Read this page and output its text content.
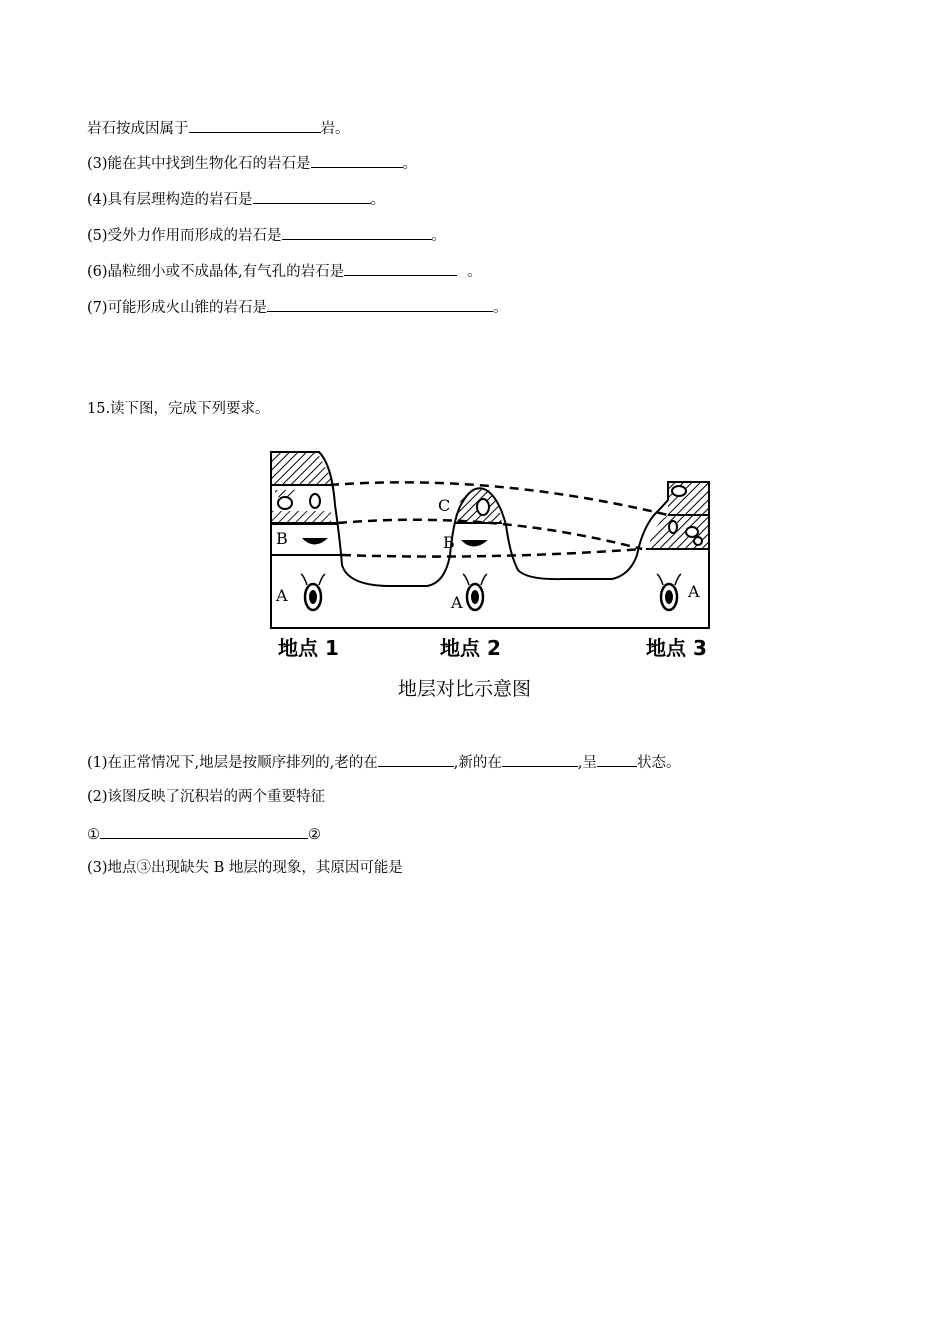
岩石按成因属于	岩。
(3)能在其中找到生物化石的岩石是	。
(4)具有层理构造的岩石是	。
(5)受外力作用而形成的岩石是	。
(6)晶粒细小或不成晶体,有气孔的岩石是	。
(7)可能形成火山锥的岩石是	。
15.读下图，完成下列要求。
B
A
C
B
A
A
地点 1	地点 2	地点 3
地层对比示意图
(1)在正常情况下,地层是按顺序排列的,老的在	,新的在	,呈	状态。
(2)该图反映了沉积岩的两个重要特征
①	②
(3)地点③出现缺失 B 地层的现象，其原因可能是
